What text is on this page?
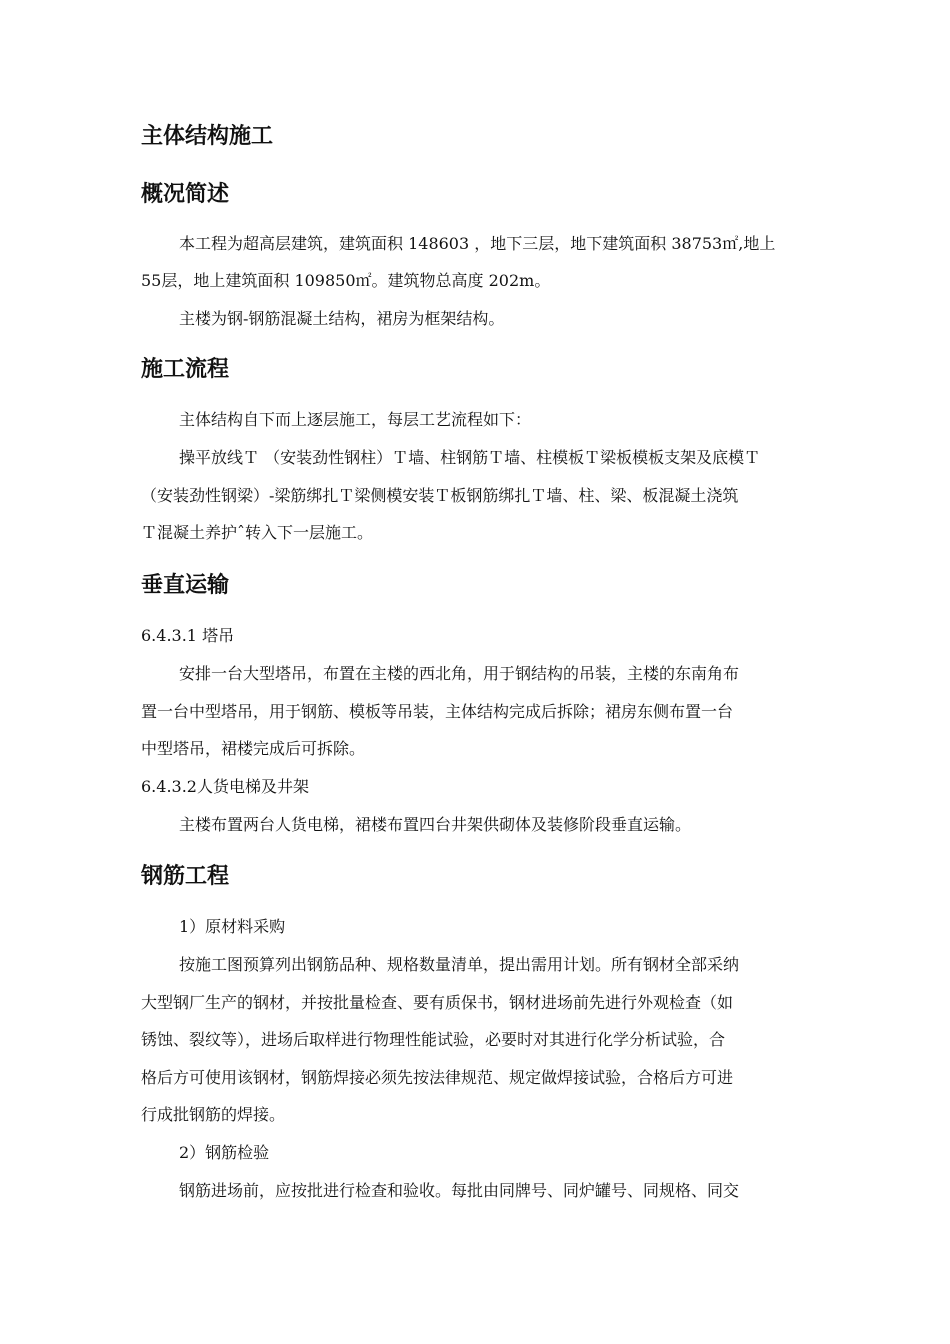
主体结构施工
概况简述

本工程为超高层建筑，建筑面积 148603 ，地下三层，地下建筑面积 38753㎡,地上

55层，地上建筑面积 109850㎡。建筑物总高度 202m。

主楼为钢-钢筋混凝土结构，裙房为框架结构。

施工流程

主体结构自下而上逐层施工，每层工艺流程如下：

操平放线Ｔ （安装劲性钢柱）Ｔ墙、柱钢筋Ｔ墙、柱模板Ｔ梁板模板支架及底模Ｔ

（安装劲性钢梁）-梁筋绑扎Ｔ梁侧模安装Ｔ板钢筋绑扎Ｔ墙、柱、梁、板混凝土浇筑

Ｔ混凝土养护ˆ转入下一层施工。

垂直运输

6.4.3.1 塔吊

安排一台大型塔吊，布置在主楼的西北角，用于钢结构的吊装，主楼的东南角布

置一台中型塔吊，用于钢筋、模板等吊装，主体结构完成后拆除；裙房东侧布置一台

中型塔吊，裙楼完成后可拆除。

6.4.3.2人货电梯及井架

主楼布置两台人货电梯，裙楼布置四台井架供砌体及装修阶段垂直运输。

钢筋工程

1）原材料采购

按施工图预算列出钢筋品种、规格数量清单，提出需用计划。所有钢材全部采纳

大型钢厂生产的钢材，并按批量检查、要有质保书，钢材进场前先进行外观检查（如

锈蚀、裂纹等），进场后取样进行物理性能试验，必要时对其进行化学分析试验，合

格后方可使用该钢材，钢筋焊接必须先按法律规范、规定做焊接试验，合格后方可进

行成批钢筋的焊接。

2）钢筋检验

钢筋进场前，应按批进行检查和验收。每批由同牌号、同炉罐号、同规格、同交
